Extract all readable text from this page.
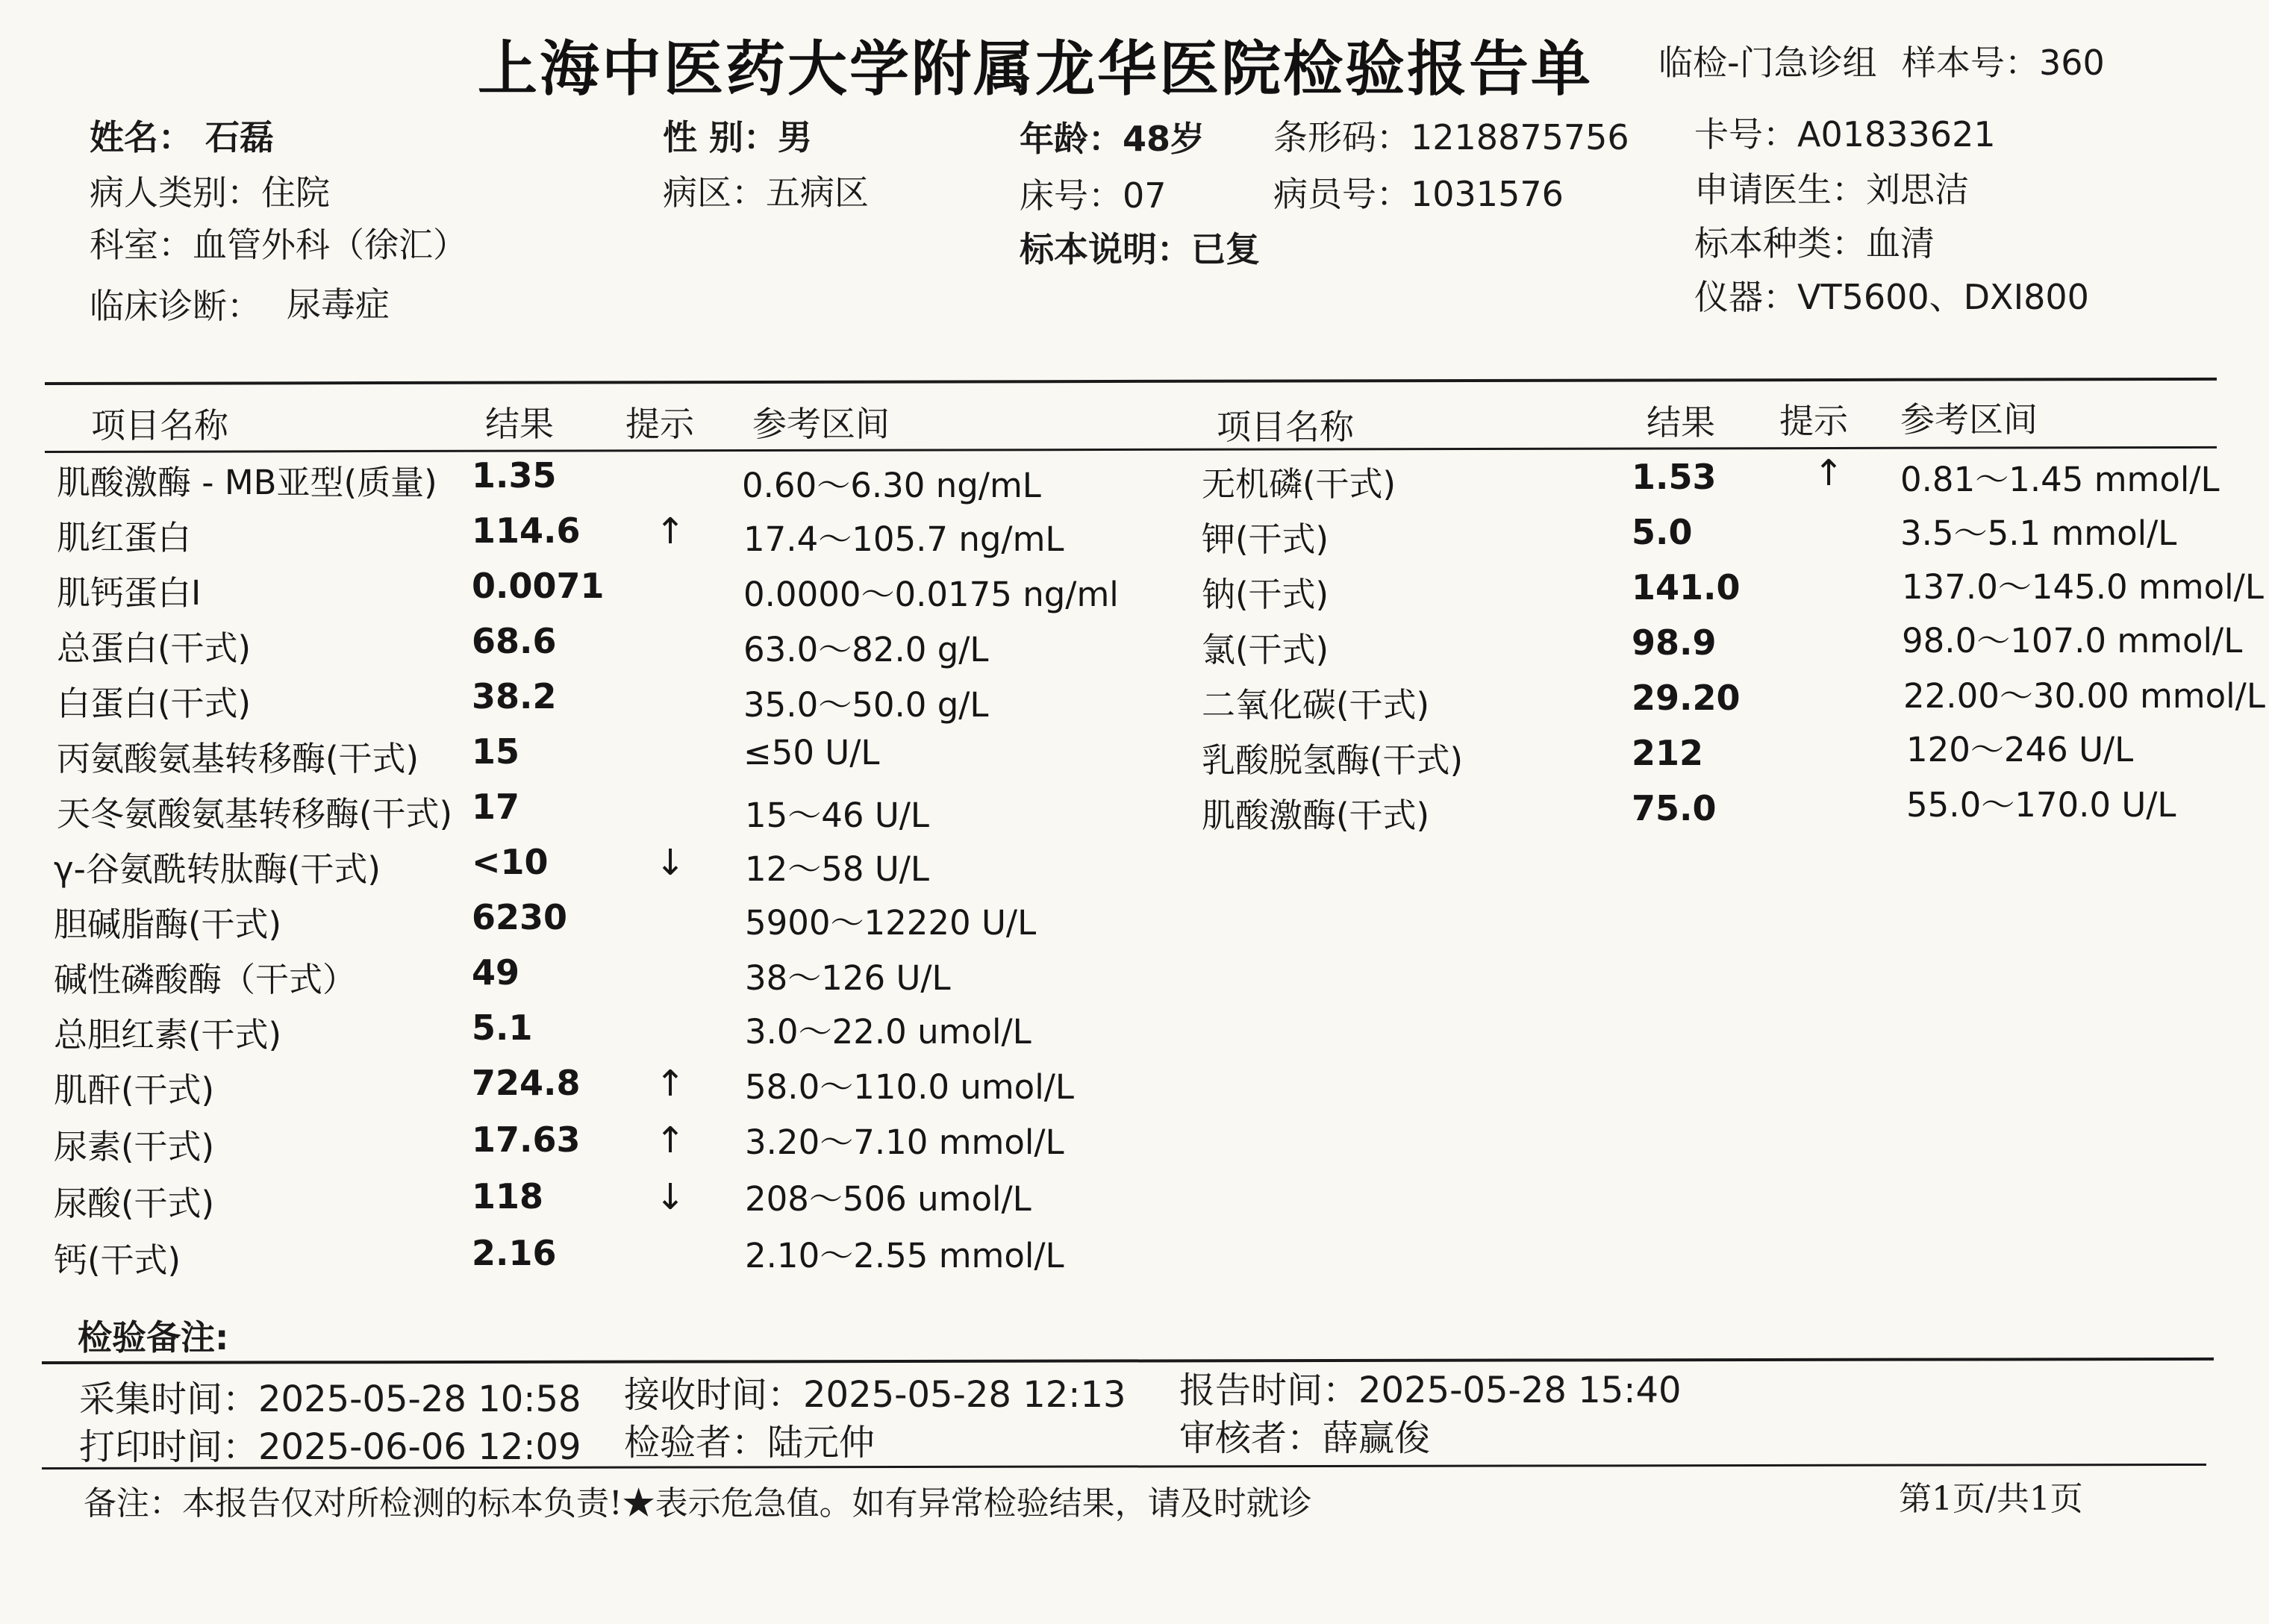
上海中医药大学附属龙华医院检验报告单 临检-门急诊组 样本号：360
姓名： 石磊	性 别：男	年龄：48岁 条形码：1218875756 卡号：A01833621
病人类别：住院	病区：五病区	床号：07	病员号：1031576	申请医生：刘思洁
科室：血管外科（徐汇）	标本说明：已复	标本种类：血清
临床诊断： 尿毒症	仪器：VT5600、DXI800
项目名称	结果 提示 参考区间	项目名称	结果 提示 参考区间
肌酸激酶 - MB亚型(质量) 1.35	0.60～6.30 ng/mL
肌红蛋白	114.6 ↑ 17.4～105.7 ng/mL
肌钙蛋白Ⅰ	0.0071	0.0000～0.0175 ng/ml
总蛋白(干式)	68.6	63.0～82.0 g/L
白蛋白(干式)	38.2	35.0～50.0 g/L
丙氨酸氨基转移酶(干式) 15	≤50 U/L
天冬氨酸氨基转移酶(干式) 17	15～46 U/L
γ-谷氨酰转肽酶(干式)	<10	↓ 12～58 U/L
胆碱脂酶(干式)	6230	5900～12220 U/L
碱性磷酸酶（干式）	49	38～126 U/L
总胆红素(干式)	5.1	3.0～22.0 umol/L
肌酐(干式)	724.8 ↑ 58.0～110.0 umol/L
尿素(干式)	17.63 ↑ 3.20～7.10 mmol/L
尿酸(干式)	118	↓ 208～506 umol/L
钙(干式)	2.16	2.10～2.55 mmol/L
无机磷(干式)	1.53	↑ 0.81～1.45 mmol/L
钾(干式)	5.0	3.5～5.1 mmol/L
钠(干式)	141.0	137.0～145.0 mmol/L
氯(干式)	98.9	98.0～107.0 mmol/L
二氧化碳(干式)	29.20	22.00～30.00 mmol/L
乳酸脱氢酶(干式)	212	120～246 U/L
肌酸激酶(干式)	75.0	55.0～170.0 U/L
检验备注:
采集时间：2025-05-28 10:58 接收时间：2025-05-28 12:13 报告时间：2025-05-28 15:40
打印时间：2025-06-06 12:09 检验者：陆元仲	审核者：薛赢俊
备注：本报告仅对所检测的标本负责!★表示危急值。如有异常检验结果，请及时就诊	第1页/共1页
